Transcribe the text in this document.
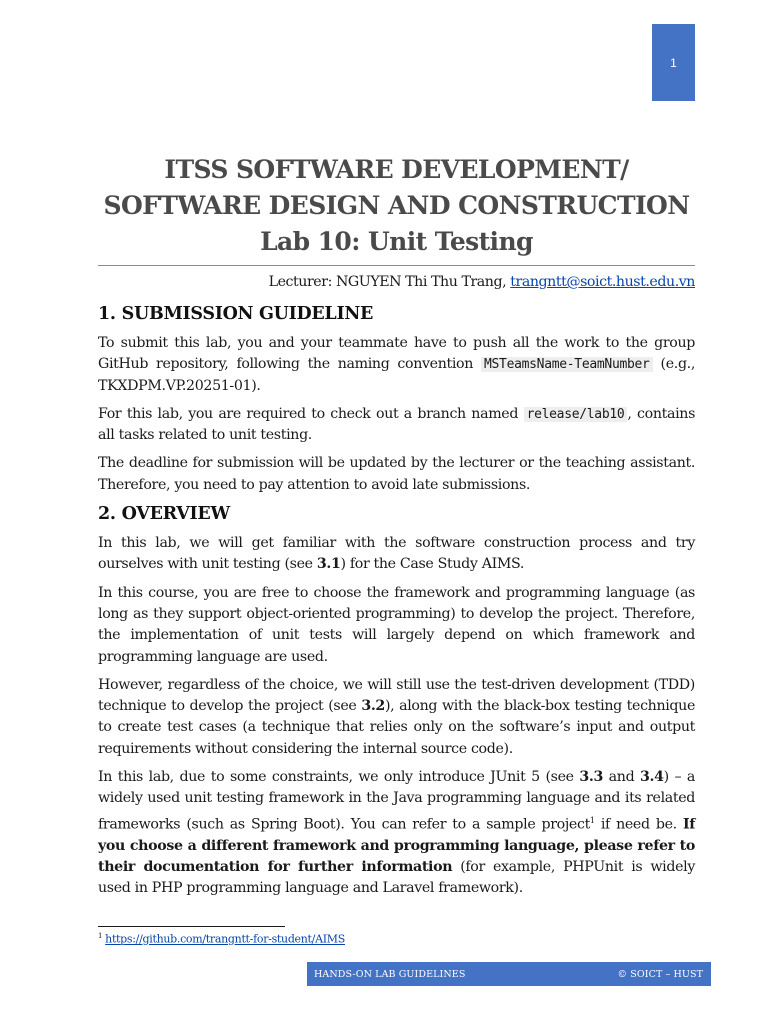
1
ITSS SOFTWARE DEVELOPMENT/
SOFTWARE DESIGN AND CONSTRUCTION
Lab 10: Unit Testing
Lecturer: NGUYEN Thi Thu Trang, trangntt@soict.hust.edu.vn
1. SUBMISSION GUIDELINE

To submit this lab, you and your teammate have to push all the work to the group GitHub repository, following the naming convention MSTeamsName-TeamNumber (e.g., TKXDPM.VP.20251-01).

For this lab, you are required to check out a branch named release/lab10 , contains all tasks related to unit testing.

The deadline for submission will be updated by the lecturer or the teaching assistant. Therefore, you need to pay attention to avoid late submissions.

2. OVERVIEW

In this lab, we will get familiar with the software construction process and try ourselves with unit testing (see 3.1) for the Case Study AIMS.

In this course, you are free to choose the framework and programming language (as long as they support object-oriented programming) to develop the project. Therefore, the implementation of unit tests will largely depend on which framework and programming language are used.

However, regardless of the choice, we will still use the test-driven development (TDD) technique to develop the project (see 3.2), along with the black-box testing technique to create test cases (a technique that relies only on the software’s input and output requirements without considering the internal source code).

In this lab, due to some constraints, we only introduce JUnit 5 (see 3.3 and 3.4) – a widely used unit testing framework in the Java programming language and its related frameworks (such as Spring Boot). You can refer to a sample project$^1$ if need be. If you choose a different framework and programming language, please refer to their documentation for further information (for example, PHPUnit is widely used in PHP programming language and Laravel framework).

$^1$ https://github.com/trangntt-for-student/AIMS
HANDS-ON LAB GUIDELINES	© SOICT – HUST
